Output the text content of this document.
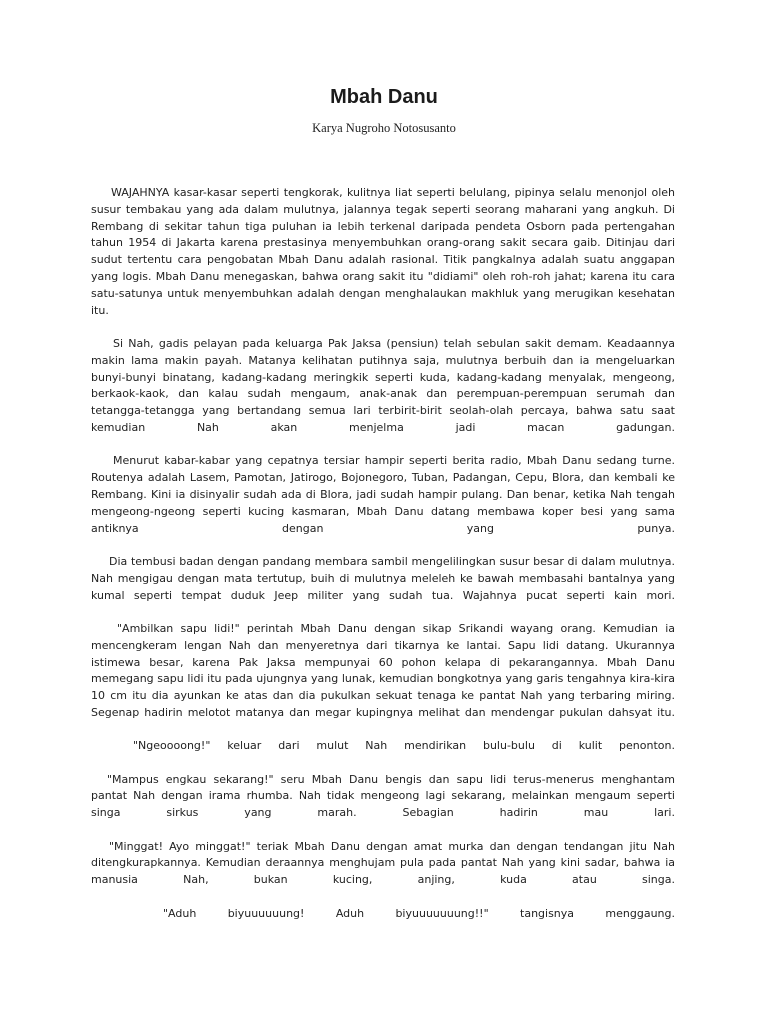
Mbah Danu
Karya Nugroho Notosusanto

WAJAHNYA kasar-kasar seperti tengkorak, kulitnya liat seperti belulang, pipinya selalu menonjol oleh susur tembakau yang ada dalam mulutnya, jalannya tegak seperti seorang maharani yang angkuh. Di Rembang di sekitar tahun tiga puluhan ia lebih terkenal daripada pendeta Osborn pada pertengahan tahun 1954 di Jakarta karena prestasinya menyembuhkan orang-orang sakit secara gaib. Ditinjau dari sudut tertentu cara pengobatan Mbah Danu adalah rasional. Titik pangkalnya adalah suatu anggapan yang logis. Mbah Danu menegaskan, bahwa orang sakit itu "didiami" oleh roh-roh jahat; karena itu cara satu-satunya untuk menyembuhkan adalah dengan menghalaukan makhluk yang merugikan kesehatan itu.

Si Nah, gadis pelayan pada keluarga Pak Jaksa (pensiun) telah sebulan sakit demam. Keadaannya makin lama makin payah. Matanya kelihatan putihnya saja, mulutnya berbuih dan ia mengeluarkan bunyi-bunyi binatang, kadang-kadang meringkik seperti kuda, kadang-kadang menyalak, mengeong, berkaok-kaok, dan kalau sudah mengaum, anak-anak dan perempuan-perempuan serumah dan tetangga-tetangga yang bertandang semua lari terbirit-birit seolah-olah percaya, bahwa satu saat kemudian Nah akan menjelma jadi macan gadungan.

Menurut kabar-kabar yang cepatnya tersiar hampir seperti berita radio, Mbah Danu sedang turne. Routenya adalah Lasem, Pamotan, Jatirogo, Bojonegoro, Tuban, Padangan, Cepu, Blora, dan kembali ke Rembang. Kini ia disinyalir sudah ada di Blora, jadi sudah hampir pulang. Dan benar, ketika Nah tengah mengeong-ngeong seperti kucing kasmaran, Mbah Danu datang membawa koper besi yang sama antiknya dengan yang punya.

Dia tembusi badan dengan pandang membara sambil mengelilingkan susur besar di dalam mulutnya. Nah mengigau dengan mata tertutup, buih di mulutnya meleleh ke bawah membasahi bantalnya yang kumal seperti tempat duduk Jeep militer yang sudah tua. Wajahnya pucat seperti kain mori.

"Ambilkan sapu lidi!" perintah Mbah Danu dengan sikap Srikandi wayang orang. Kemudian ia mencengkeram lengan Nah dan menyeretnya dari tikarnya ke lantai. Sapu lidi datang. Ukurannya istimewa besar, karena Pak Jaksa mempunyai 60 pohon kelapa di pekarangannya. Mbah Danu memegang sapu lidi itu pada ujungnya yang lunak, kemudian bongkotnya yang garis tengahnya kira-kira 10 cm itu dia ayunkan ke atas dan dia pukulkan sekuat tenaga ke pantat Nah yang terbaring miring. Segenap hadirin melotot matanya dan megar kupingnya melihat dan mendengar pukulan dahsyat itu.

"Ngeoooong!" keluar dari mulut Nah mendirikan bulu-bulu di kulit penonton.

"Mampus engkau sekarang!" seru Mbah Danu bengis dan sapu lidi terus-menerus menghantam pantat Nah dengan irama rhumba. Nah tidak mengeong lagi sekarang, melainkan mengaum seperti singa sirkus yang marah. Sebagian hadirin mau lari.

"Minggat! Ayo minggat!" teriak Mbah Danu dengan amat murka dan dengan tendangan jitu Nah ditengkurapkannya. Kemudian deraannya menghujam pula pada pantat Nah yang kini sadar, bahwa ia manusia Nah, bukan kucing, anjing, kuda atau singa.

"Aduh biyuuuuuung! Aduh biyuuuuuuung!!" tangisnya menggaung.
